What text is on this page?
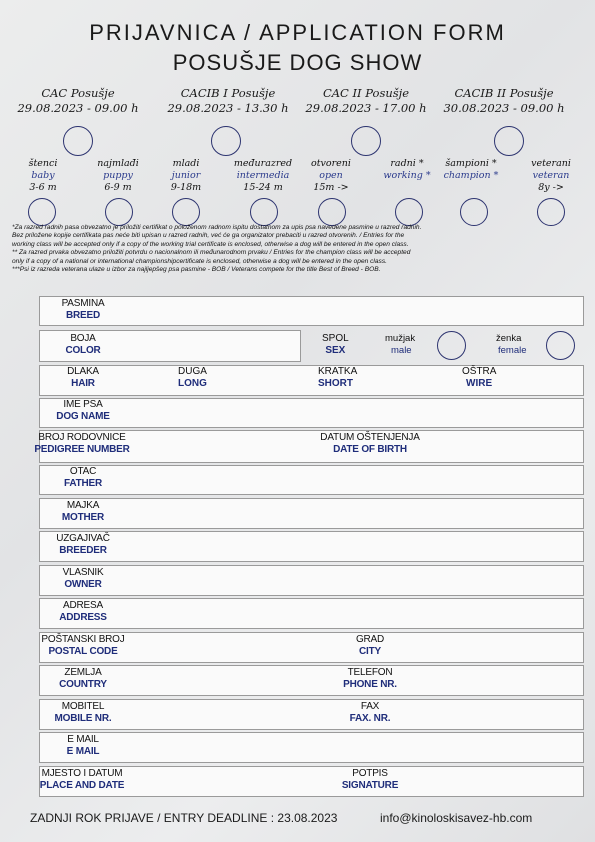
PRIJAVNICA / APPLICATION FORM
POSUŠJE DOG SHOW
CAC Posušje
29.08.2023 - 09.00 h
CACIB I Posušje
29.08.2023 - 13.30 h
CAC II Posušje
29.08.2023 - 17.00 h
CACIB II Posušje
30.08.2023 - 09.00 h
štenci
baby
3-6 m
najmlađi
puppy
6-9 m
mladi
junior
9-18m
međurazred
intermedia
15-24 m
otvoreni
open
15m ->
radni *
working *
šampioni *
champion *
veterani
veteran
8y ->
*Za razred radnih pasa obvezatno je priložiti certifikat o položenom radnom ispitu dostatnom za upis psa navedene pasmine u razred radnih.
Bez priložene kopije certifikata pas neće biti upisan u razred radnih, već će ga organizator prebaciti u razred otvorenih. / Entries for the
working class will be accepted only if a copy of the working trial certificate is enclosed, otherwise a dog will be entered in the open class.
** Za razred prvaka obvezatno priložiti potvrdu o nacionalnom ili međunarodnom prvaku / Entries for the champion class will be accepted
only if a copy of a national or international championshipcertificate is enclosed, otherwise a dog will be entered in the open class.
***Psi iz razreda veterana ulaze u izbor za najljepšeg psa pasmine - BOB / Veterans compete for the title Best of Breed - BOB.
PASMINA
BREED
BOJA
COLOR
SPOL
SEX
mužjak
male
ženka
female
DLAKA
HAIR
DUGA
LONG
KRATKA
SHORT
OŠTRA
WIRE
IME PSA
DOG NAME
BROJ RODOVNICE
PEDIGREE NUMBER
DATUM OŠTENJENJA
DATE OF BIRTH
OTAC
FATHER
MAJKA
MOTHER
UZGAJIVAČ
BREEDER
VLASNIK
OWNER
ADRESA
ADDRESS
POŠTANSKI BROJ
POSTAL CODE
GRAD
CITY
ZEMLJA
COUNTRY
TELEFON
PHONE NR.
MOBITEL
MOBILE NR.
FAX
FAX. NR.
E MAIL
E MAIL
MJESTO I DATUM
PLACE AND DATE
POTPIS
SIGNATURE
ZADNJI ROK PRIJAVE / ENTRY DEADLINE : 23.08.2023	info@kinoloskisavez-hb.com
